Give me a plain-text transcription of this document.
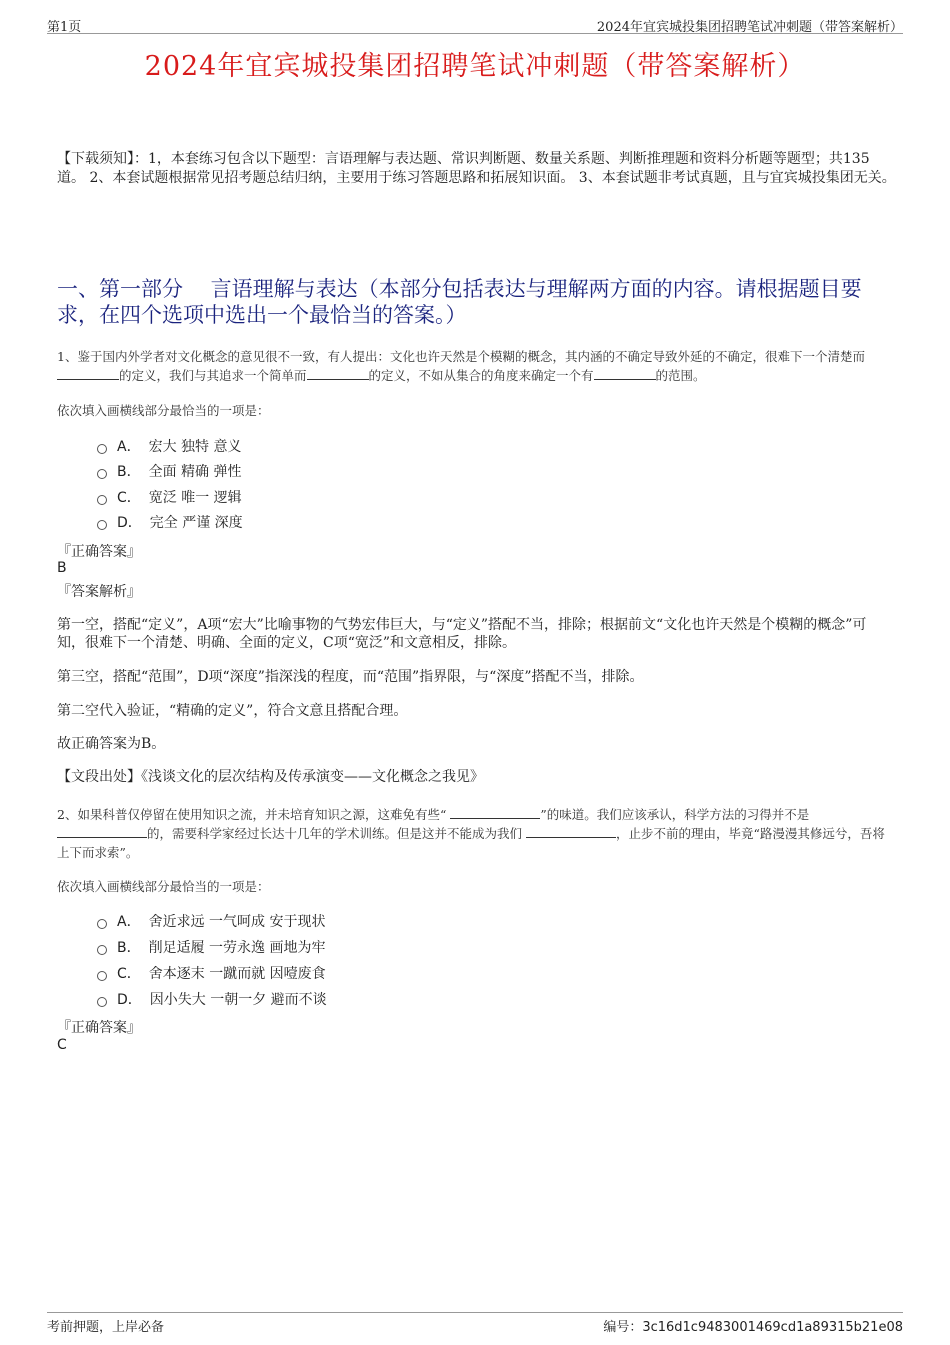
第1页	2024年宜宾城投集团招聘笔试冲刺题（带答案解析）
2024年宜宾城投集团招聘笔试冲刺题（带答案解析）
【下载须知】：1，本套练习包含以下题型：言语理解与表达题、常识判断题、数量关系题、判断推理题和资料分析题等题型；共135道。 2、本套试题根据常见招考题总结归纳，主要用于练习答题思路和拓展知识面。 3、本套试题非考试真题，且与宜宾城投集团无关。
一、第一部分　 言语理解与表达（本部分包括表达与理解两方面的内容。请根据题目要求，在四个选项中选出一个最恰当的答案。）
1、鉴于国内外学者对文化概念的意见很不一致，有人提出：文化也许天然是个模糊的概念，其内涵的不确定导致外延的不确定，很难下一个清楚而的定义，我们与其追求一个简单而	的定义，不如从集合的角度来确定一个有	的范围。
依次填入画横线部分最恰当的一项是：
A． 宏大 独特 意义
B． 全面 精确 弹性
C． 宽泛 唯一 逻辑
D． 完全 严谨 深度
『正确答案』
B
『答案解析』
第一空，搭配“定义”，A项“宏大”比喻事物的气势宏伟巨大，与“定义”搭配不当，排除；根据前文“文化也许天然是个模糊的概念”可知，很难下一个清楚、明确、全面的定义，C项“宽泛”和文意相反，排除。
第三空，搭配“范围”，D项“深度”指深浅的程度，而“范围”指界限，与“深度”搭配不当，排除。
第二空代入验证，“精确的定义”，符合文意且搭配合理。
故正确答案为B。
【文段出处】《浅谈文化的层次结构及传承演变——文化概念之我见》
2、如果科普仅停留在使用知识之流，并未培育知识之源，这难免有些“	”的味道。我们应该承认，科学方法的习得并不是的，需要科学家经过长达十几年的学术训练。但是这并不能成为我们	，止步不前的理由，毕竟“路漫漫其修远兮，吾将上下而求索”。
依次填入画横线部分最恰当的一项是：
A． 舍近求远 一气呵成 安于现状
B． 削足适履 一劳永逸 画地为牢
C． 舍本逐末 一蹴而就 因噎废食
D． 因小失大 一朝一夕 避而不谈
『正确答案』
C
考前押题，上岸必备	编号：3c16d1c9483001469cd1a89315b21e08
